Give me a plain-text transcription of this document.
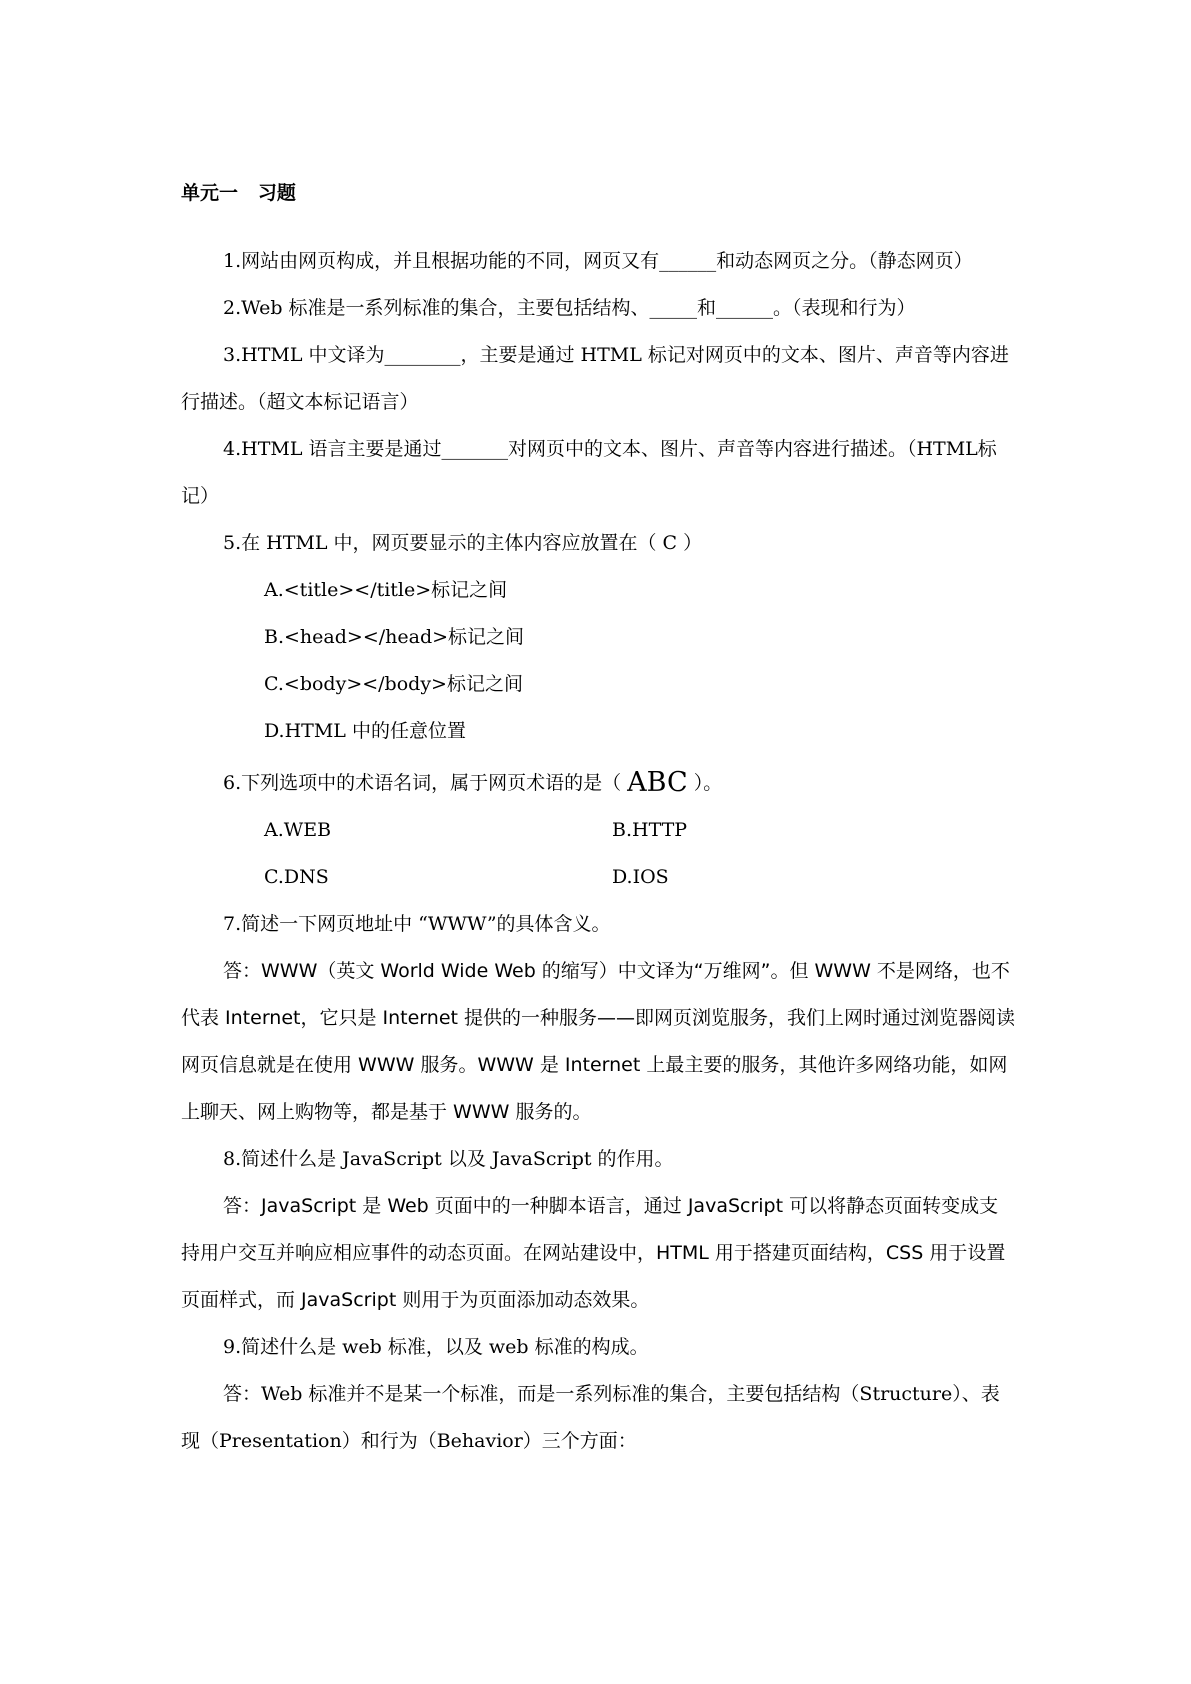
单元一   习题

1.网站由网页构成，并且根据功能的不同，网页又有______和动态网页之分。（静态网页）

2.Web 标准是一系列标准的集合，主要包括结构、_____和______。（表现和行为）

3.HTML 中文译为________，主要是通过 HTML 标记对网页中的文本、图片、声音等内容进行描述。（超文本标记语言）

4.HTML 语言主要是通过_______对网页中的文本、图片、声音等内容进行描述。（HTML标记）

5.在 HTML 中，网页要显示的主体内容应放置在（ C ）

A.<title></title>标记之间

B.<head></head>标记之间

C.<body></body>标记之间

D.HTML 中的任意位置

6.下列选项中的术语名词，属于网页术语的是（ ABC ）。

A.WEB	B.HTTP

C.DNS	D.IOS

7.简述一下网页地址中 “WWW”的具体含义。

答：WWW（英文 World Wide Web 的缩写）中文译为“万维网”。但 WWW 不是网络，也不代表 Internet，它只是 Internet 提供的一种服务——即网页浏览服务，我们上网时通过浏览器阅读网页信息就是在使用 WWW 服务。WWW 是 Internet 上最主要的服务，其他许多网络功能，如网上聊天、网上购物等，都是基于 WWW 服务的。

8.简述什么是 JavaScript 以及 JavaScript 的作用。

答：JavaScript 是 Web 页面中的一种脚本语言，通过 JavaScript 可以将静态页面转变成支持用户交互并响应相应事件的动态页面。在网站建设中，HTML 用于搭建页面结构，CSS 用于设置页面样式，而 JavaScript 则用于为页面添加动态效果。

9.简述什么是 web 标准，以及 web 标准的构成。

答：Web 标准并不是某一个标准，而是一系列标准的集合，主要包括结构（Structure）、表现（Presentation）和行为（Behavior）三个方面：
